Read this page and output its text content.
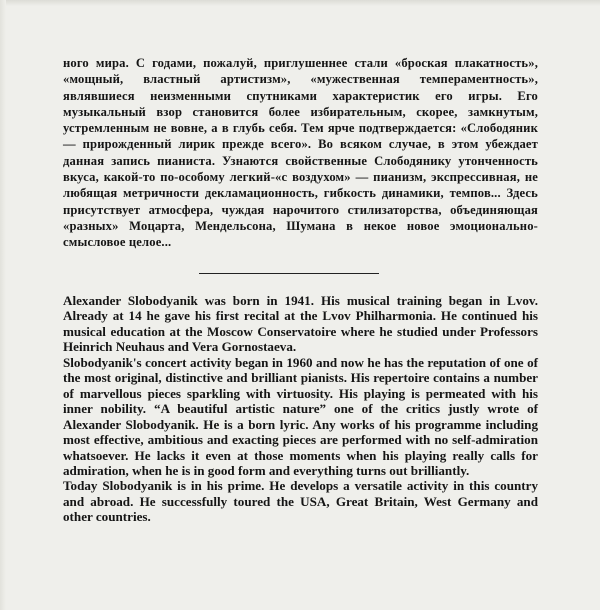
ного мира. С годами, пожалуй, приглушеннее стали «броская плакатность», «мощный, властный артистизм», «мужественная темпераментность», являвшиеся неизменными спутниками характеристик его игры. Его музыкальный взор становится более избирательным, скорее, замкнутым, устремленным не вовне, а в глубь себя. Тем ярче подтверждается: «Слободяник — прирожденный лирик прежде всего». Во всяком случае, в этом убеждает данная запись пианиста. Узнаются свойственные Слободянику утонченность вкуса, какой-то по-особому легкий-«с воздухом» — пианизм, экспрессивная, не любящая метричности декламационность, гибкость динамики, темпов... Здесь присутствует атмосфера, чуждая нарочитого стилизаторства, объединяющая «разных» Моцарта, Мендельсона, Шумана в некое новое эмоционально-смысловое целое...

Alexander Slobodyanik was born in 1941. His musical training began in Lvov. Already at 14 he gave his first recital at the Lvov Philharmonia. He continued his musical education at the Moscow Conservatoire where he studied under Professors Heinrich Neuhaus and Vera Gornostaeva.

Slobodyanik's concert activity began in 1960 and now he has the reputation of one of the most original, distinctive and brilliant pianists. His repertoire contains a number of marvellous pieces sparkling with virtuosity. His playing is permeated with his inner nobility. “A beautiful artistic nature” one of the critics justly wrote of Alexander Slobodyanik. He is a born lyric. Any works of his programme including most effective, ambitious and exacting pieces are performed with no self-admiration whatsoever. He lacks it even at those moments when his playing really calls for admiration, when he is in good form and everything turns out brilliantly.

Today Slobodyanik is in his prime. He develops a versatile activity in this country and abroad. He successfully toured the USA, Great Britain, West Germany and other countries.
